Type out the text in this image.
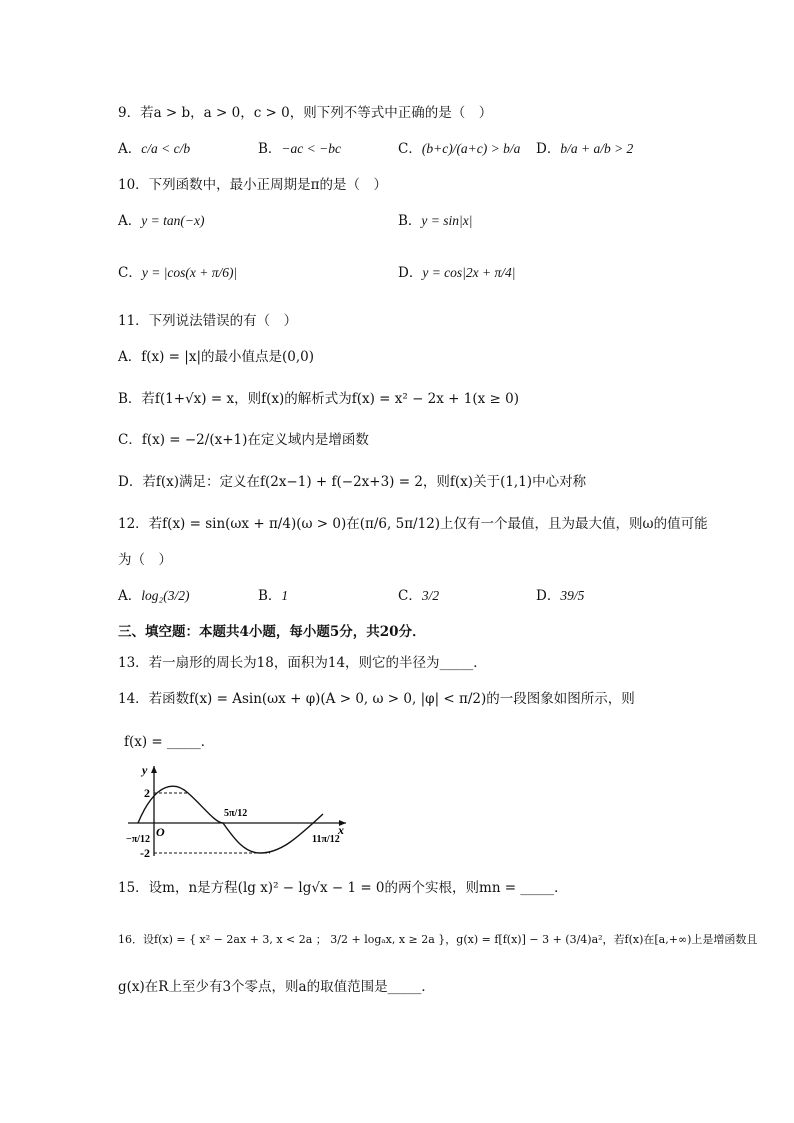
9．若a > b，a > 0，c > 0，则下列不等式中正确的是（　）
A．c/a < c/b	B．−ac < −bc	C．(b+c)/(a+c) > b/a D．b/a + a/b > 2
10．下列函数中，最小正周期是π的是（　）
A．y = tan(−x)	B．y = sin|x|
C．y = |cos(x + π/6)|	D．y = cos|2x + π/4|
11．下列说法错误的有（　）
A．f(x) = |x|的最小值点是(0,0)
B．若f(1+√x) = x，则f(x)的解析式为f(x) = x² − 2x + 1(x ≥ 0)
C．f(x) = −2/(x+1)在定义域内是增函数
D．若f(x)满足：定义在f(2x−1) + f(−2x+3) = 2，则f(x)关于(1,1)中心对称
12．若f(x) = sin(ωx + π/4)(ω > 0)在(π/6, 5π/12)上仅有一个最值，且为最大值，则ω的值可能
为（　）
A．log₂(3/2)	B．1	C．3/2	D．39/5
三、填空题：本题共4小题，每小题5分，共20分．
13．若一扇形的周长为18，面积为14，则它的半径为_____．
14．若函数f(x) = Asin(ωx + φ)(A > 0, ω > 0, |φ| < π/2)的一段图象如图所示，则
f(x) = _____．
y
x
O
2
-2
−π/12
5π/12
11π/12
15．设m，n是方程(lg x)² − lg√x − 1 = 0的两个实根，则mn = _____．
16．设f(x) = { x² − 2ax + 3, x < 2a ； 3/2 + logₐx, x ≥ 2a }，g(x) = f[f(x)] − 3 + (3/4)a²，若f(x)在[a,+∞)上是增函数且
g(x)在R上至少有3个零点，则a的取值范围是_____．
